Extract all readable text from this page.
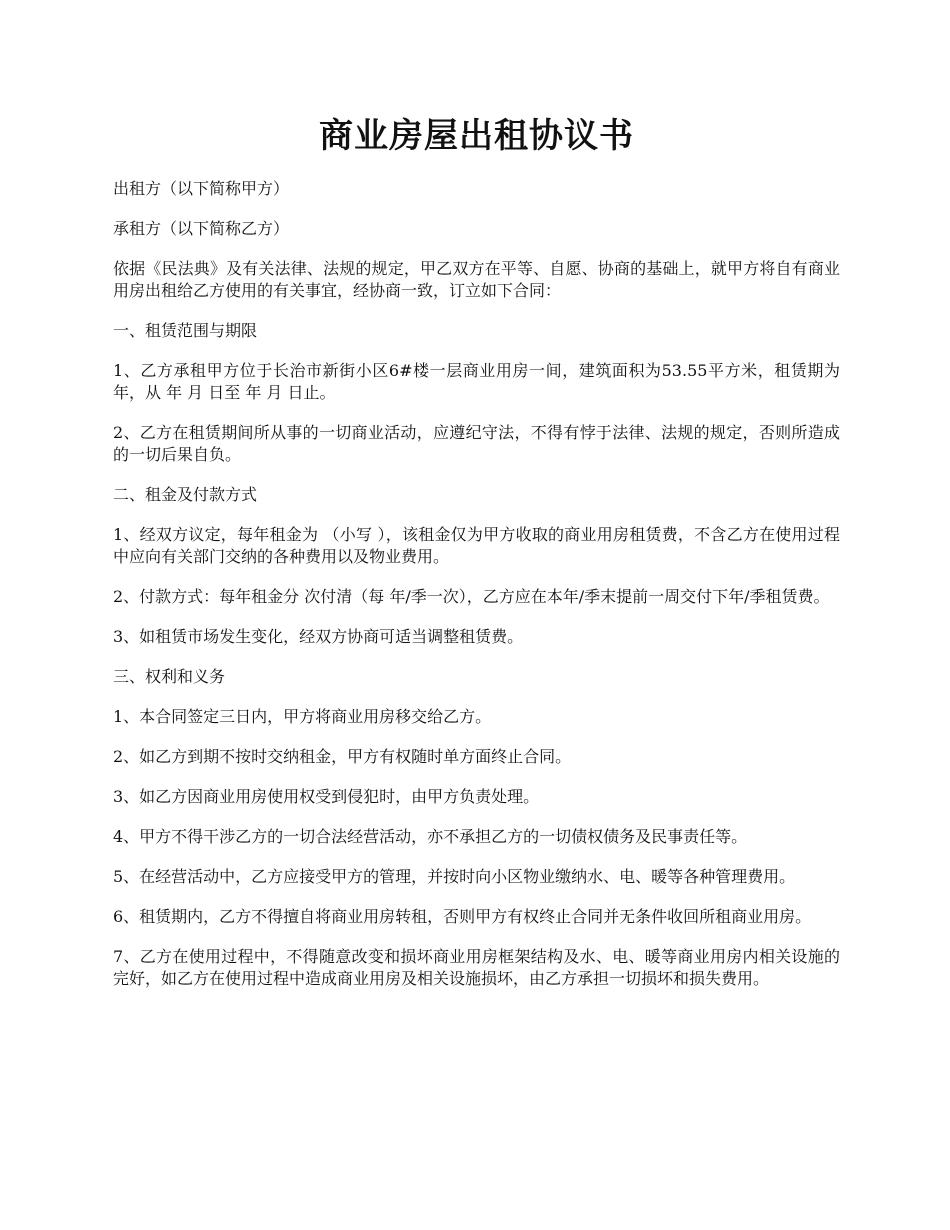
商业房屋出租协议书

出租方（以下简称甲方）

承租方（以下简称乙方）

依据《民法典》及有关法律、法规的规定，甲乙双方在平等、自愿、协商的基础上，就甲方将自有商业用房出租给乙方使用的有关事宜，经协商一致，订立如下合同：

一、租赁范围与期限

1、乙方承租甲方位于长治市新街小区6#楼一层商业用房一间，建筑面积为53.55平方米，租赁期为 年，从 年 月 日至 年 月 日止。

2、乙方在租赁期间所从事的一切商业活动，应遵纪守法，不得有悖于法律、法规的规定，否则所造成的一切后果自负。

二、租金及付款方式

1、经双方议定，每年租金为 （小写 ），该租金仅为甲方收取的商业用房租赁费，不含乙方在使用过程中应向有关部门交纳的各种费用以及物业费用。

2、付款方式：每年租金分 次付清（每 年/季一次），乙方应在本年/季末提前一周交付下年/季租赁费。

3、如租赁市场发生变化，经双方协商可适当调整租赁费。

三、权利和义务

1、本合同签定三日内，甲方将商业用房移交给乙方。

2、如乙方到期不按时交纳租金，甲方有权随时单方面终止合同。

3、如乙方因商业用房使用权受到侵犯时，由甲方负责处理。

4、甲方不得干涉乙方的一切合法经营活动，亦不承担乙方的一切债权债务及民事责任等。

5、在经营活动中，乙方应接受甲方的管理，并按时向小区物业缴纳水、电、暖等各种管理费用。

6、租赁期内，乙方不得擅自将商业用房转租，否则甲方有权终止合同并无条件收回所租商业用房。

7、乙方在使用过程中，不得随意改变和损坏商业用房框架结构及水、电、暖等商业用房内相关设施的完好，如乙方在使用过程中造成商业用房及相关设施损坏，由乙方承担一切损坏和损失费用。
